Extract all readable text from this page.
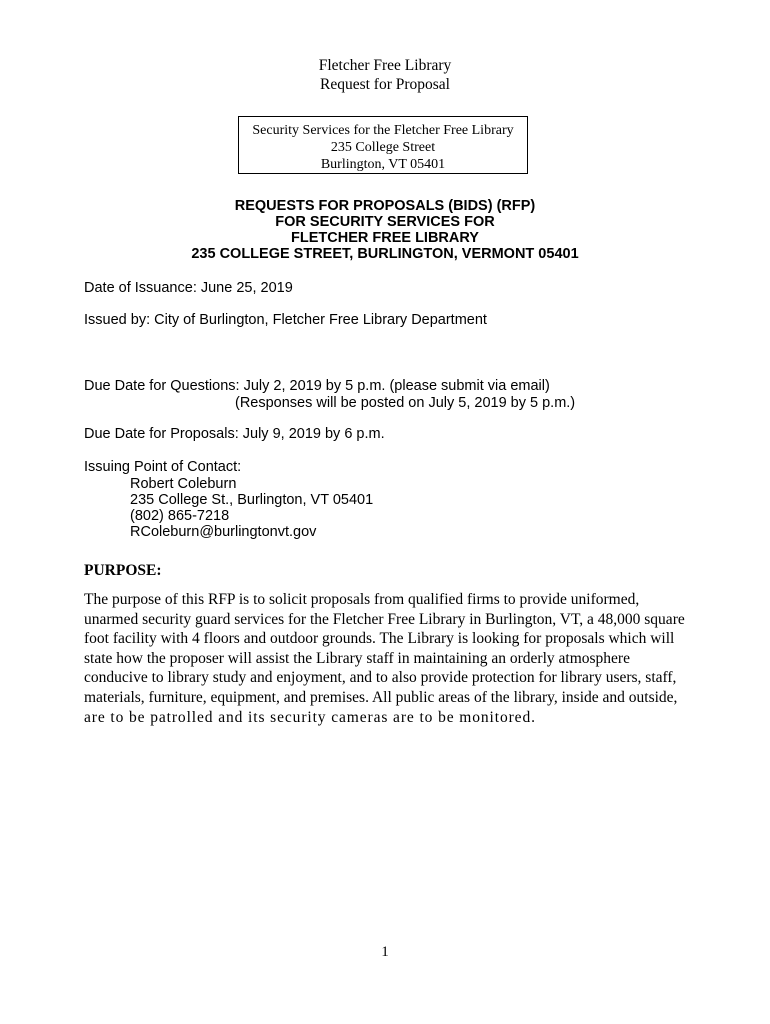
Fletcher Free Library
Request for Proposal
Security Services for the Fletcher Free Library
235 College Street
Burlington, VT 05401
REQUESTS FOR PROPOSALS (BIDS) (RFP)
FOR SECURITY SERVICES FOR
FLETCHER FREE LIBRARY
235 COLLEGE STREET, BURLINGTON, VERMONT 05401
Date of Issuance: June 25, 2019
Issued by: City of Burlington, Fletcher Free Library Department
Due Date for Questions: July 2, 2019 by 5 p.m. (please submit via email)
(Responses will be posted on July 5, 2019 by 5 p.m.)
Due Date for Proposals: July 9, 2019 by 6 p.m.
Issuing Point of Contact:
Robert Coleburn
235 College St., Burlington, VT 05401
(802) 865-7218
RColeburn@burlingtonvt.gov
PURPOSE:
The purpose of this RFP is to solicit proposals from qualified firms to provide uniformed,
unarmed security guard services for the Fletcher Free Library in Burlington, VT, a 48,000 square
foot facility with 4 floors and outdoor grounds. The Library is looking for proposals which will
state how the proposer will assist the Library staff in maintaining an orderly atmosphere
conducive to library study and enjoyment, and to also provide protection for library users, staff,
materials, furniture, equipment, and premises. All public areas of the library, inside and outside,
are to be patrolled and its security cameras are to be monitored.
1
